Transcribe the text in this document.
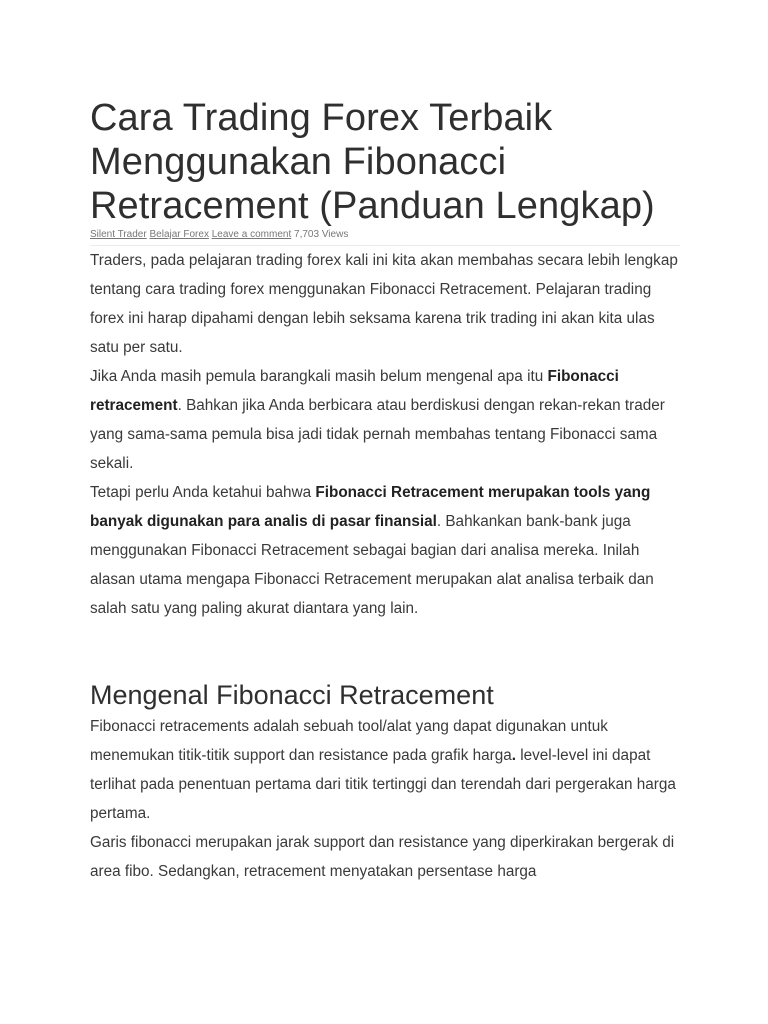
Cara Trading Forex Terbaik Menggunakan Fibonacci Retracement (Panduan Lengkap)
Silent Trader Belajar Forex Leave a comment 7,703 Views

Traders, pada pelajaran trading forex kali ini kita akan membahas secara lebih lengkap tentang cara trading forex menggunakan Fibonacci Retracement. Pelajaran trading forex ini harap dipahami dengan lebih seksama karena trik trading ini akan kita ulas satu per satu.

Jika Anda masih pemula barangkali masih belum mengenal apa itu Fibonacci retracement. Bahkan jika Anda berbicara atau berdiskusi dengan rekan-rekan trader yang sama-sama pemula bisa jadi tidak pernah membahas tentang Fibonacci sama sekali.

Tetapi perlu Anda ketahui bahwa Fibonacci Retracement merupakan tools yang banyak digunakan para analis di pasar finansial. Bahkankan bank-bank juga menggunakan Fibonacci Retracement sebagai bagian dari analisa mereka. Inilah alasan utama mengapa Fibonacci Retracement merupakan alat analisa terbaik dan salah satu yang paling akurat diantara yang lain.

Mengenal Fibonacci Retracement

Fibonacci retracements adalah sebuah tool/alat yang dapat digunakan untuk menemukan titik-titik support dan resistance pada grafik harga. level-level ini dapat terlihat pada penentuan pertama dari titik tertinggi dan terendah dari pergerakan harga pertama.

Garis fibonacci merupakan jarak support dan resistance yang diperkirakan bergerak di area fibo. Sedangkan, retracement menyatakan persentase harga
